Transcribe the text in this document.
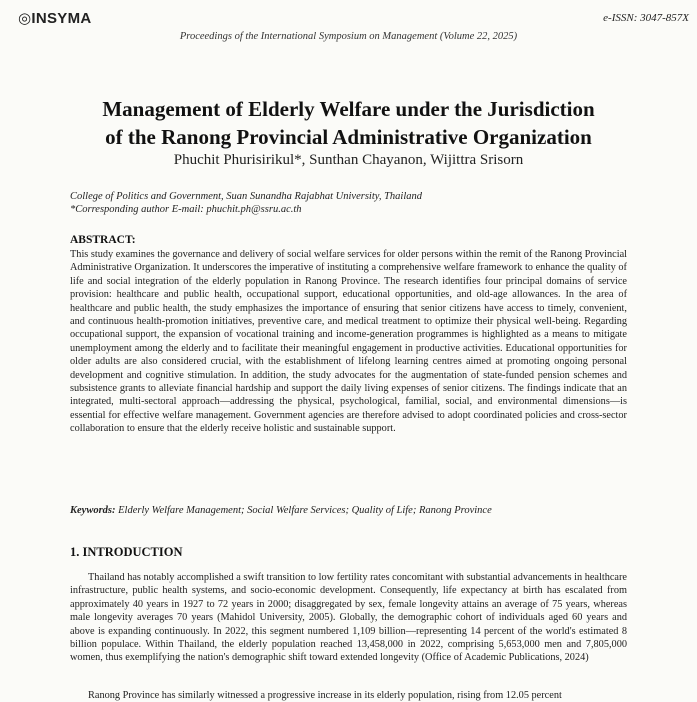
◎INSYMA	e-ISSN: 3047-857X
Proceedings of the International Symposium on Management (Volume 22, 2025)
Management of Elderly Welfare under the Jurisdiction
of the Ranong Provincial Administrative Organization
Phuchit Phurisirikul*, Sunthan Chayanon, Wijittra Srisorn
College of Politics and Government, Suan Sunandha Rajabhat University, Thailand
*Corresponding author E-mail: phuchit.ph@ssru.ac.th
ABSTRACT:
This study examines the governance and delivery of social welfare services for older persons within the remit of the Ranong Provincial Administrative Organization. It underscores the imperative of instituting a comprehensive welfare framework to enhance the quality of life and social integration of the elderly population in Ranong Province. The research identifies four principal domains of service provision: healthcare and public health, occupational support, educational opportunities, and old-age allowances. In the area of healthcare and public health, the study emphasizes the importance of ensuring that senior citizens have access to timely, convenient, and continuous health-promotion initiatives, preventive care, and medical treatment to optimize their physical well-being. Regarding occupational support, the expansion of vocational training and income-generation programmes is highlighted as a means to mitigate unemployment among the elderly and to facilitate their meaningful engagement in productive activities. Educational opportunities for older adults are also considered crucial, with the establishment of lifelong learning centres aimed at promoting ongoing personal development and cognitive stimulation. In addition, the study advocates for the augmentation of state-funded pension schemes and subsistence grants to alleviate financial hardship and support the daily living expenses of senior citizens. The findings indicate that an integrated, multi-sectoral approach—addressing the physical, psychological, familial, social, and environmental dimensions—is essential for effective welfare management. Government agencies are therefore advised to adopt coordinated policies and cross-sector collaboration to ensure that the elderly receive holistic and sustainable support.
Keywords: Elderly Welfare Management; Social Welfare Services; Quality of Life; Ranong Province
1. INTRODUCTION
Thailand has notably accomplished a swift transition to low fertility rates concomitant with substantial advancements in healthcare infrastructure, public health systems, and socio-economic development. Consequently, life expectancy at birth has escalated from approximately 40 years in 1927 to 72 years in 2000; disaggregated by sex, female longevity attains an average of 75 years, whereas male longevity averages 70 years (Mahidol University, 2005). Globally, the demographic cohort of individuals aged 60 years and above is expanding continuously. In 2022, this segment numbered 1,109 billion—representing 14 percent of the world's estimated 8 billion populace. Within Thailand, the elderly population reached 13,458,000 in 2022, comprising 5,653,000 men and 7,805,000 women, thus exemplifying the nation's demographic shift toward extended longevity (Office of Academic Publications, 2024)
Ranong Province has similarly witnessed a progressive increase in its elderly population, rising from 12.05 percent
